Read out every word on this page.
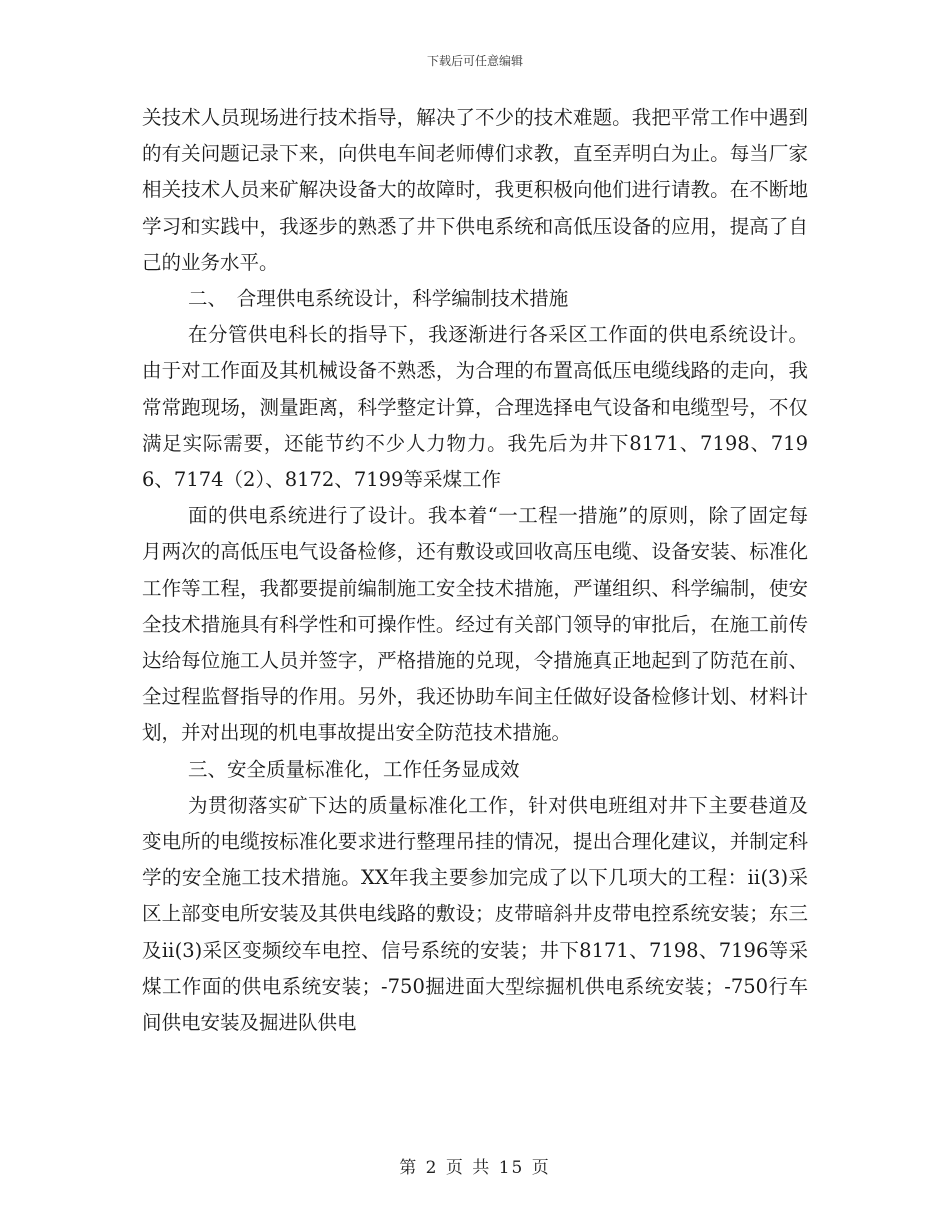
下载后可任意编辑

关技术人员现场进行技术指导，解决了不少的技术难题。我把平常工作中遇到的有关问题记录下来，向供电车间老师傅们求教，直至弄明白为止。每当厂家相关技术人员来矿解决设备大的故障时，我更积极向他们进行请教。在不断地学习和实践中，我逐步的熟悉了井下供电系统和高低压设备的应用，提高了自己的业务水平。

二、　合理供电系统设计，科学编制技术措施

在分管供电科长的指导下，我逐渐进行各采区工作面的供电系统设计。由于对工作面及其机械设备不熟悉，为合理的布置高低压电缆线路的走向，我常常跑现场，测量距离，科学整定计算，合理选择电气设备和电缆型号，不仅满足实际需要，还能节约不少人力物力。我先后为井下8171、7198、7196、7174（2）、8172、7199等采煤工作

面的供电系统进行了设计。我本着“一工程一措施”的原则，除了固定每月两次的高低压电气设备检修，还有敷设或回收高压电缆、设备安装、标准化工作等工程，我都要提前编制施工安全技术措施，严谨组织、科学编制，使安全技术措施具有科学性和可操作性。经过有关部门领导的审批后，在施工前传达给每位施工人员并签字，严格措施的兑现，令措施真正地起到了防范在前、全过程监督指导的作用。另外，我还协助车间主任做好设备检修计划、材料计划，并对出现的机电事故提出安全防范技术措施。

三、安全质量标准化，工作任务显成效

为贯彻落实矿下达的质量标准化工作，针对供电班组对井下主要巷道及变电所的电缆按标准化要求进行整理吊挂的情况，提出合理化建议，并制定科学的安全施工技术措施。XX年我主要参加完成了以下几项大的工程：ⅱ(3)采区上部变电所安装及其供电线路的敷设；皮带暗斜井皮带电控系统安装；东三及ⅱ(3)采区变频绞车电控、信号系统的安装；井下8171、7198、7196等采煤工作面的供电系统安装；-750掘进面大型综掘机供电系统安装；-750行车间供电安装及掘进队供电

第 2 页 共 15 页
